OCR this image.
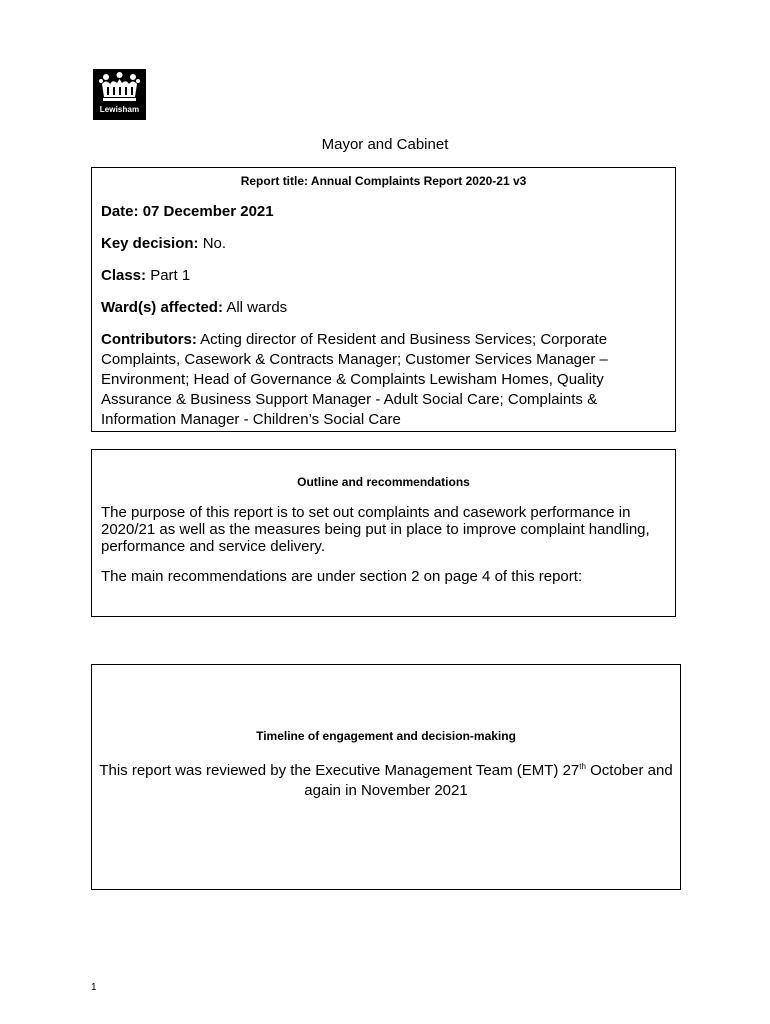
Lewisham
Mayor and Cabinet
Report title: Annual Complaints Report 2020-21 v3
Date: 07 December 2021
Key decision: No.
Class: Part 1
Ward(s) affected: All wards
Contributors: Acting director of Resident and Business Services; Corporate Complaints, Casework & Contracts Manager; Customer Services Manager – Environment; Head of Governance & Complaints Lewisham Homes, Quality Assurance & Business Support Manager - Adult Social Care; Complaints & Information Manager - Children’s Social Care
Outline and recommendations
The purpose of this report is to set out complaints and casework performance in 2020/21 as well as the measures being put in place to improve complaint handling, performance and service delivery.
The main recommendations are under section 2 on page 4 of this report:
Timeline of engagement and decision-making
This report was reviewed by the Executive Management Team (EMT) 27th October and again in November 2021
1
